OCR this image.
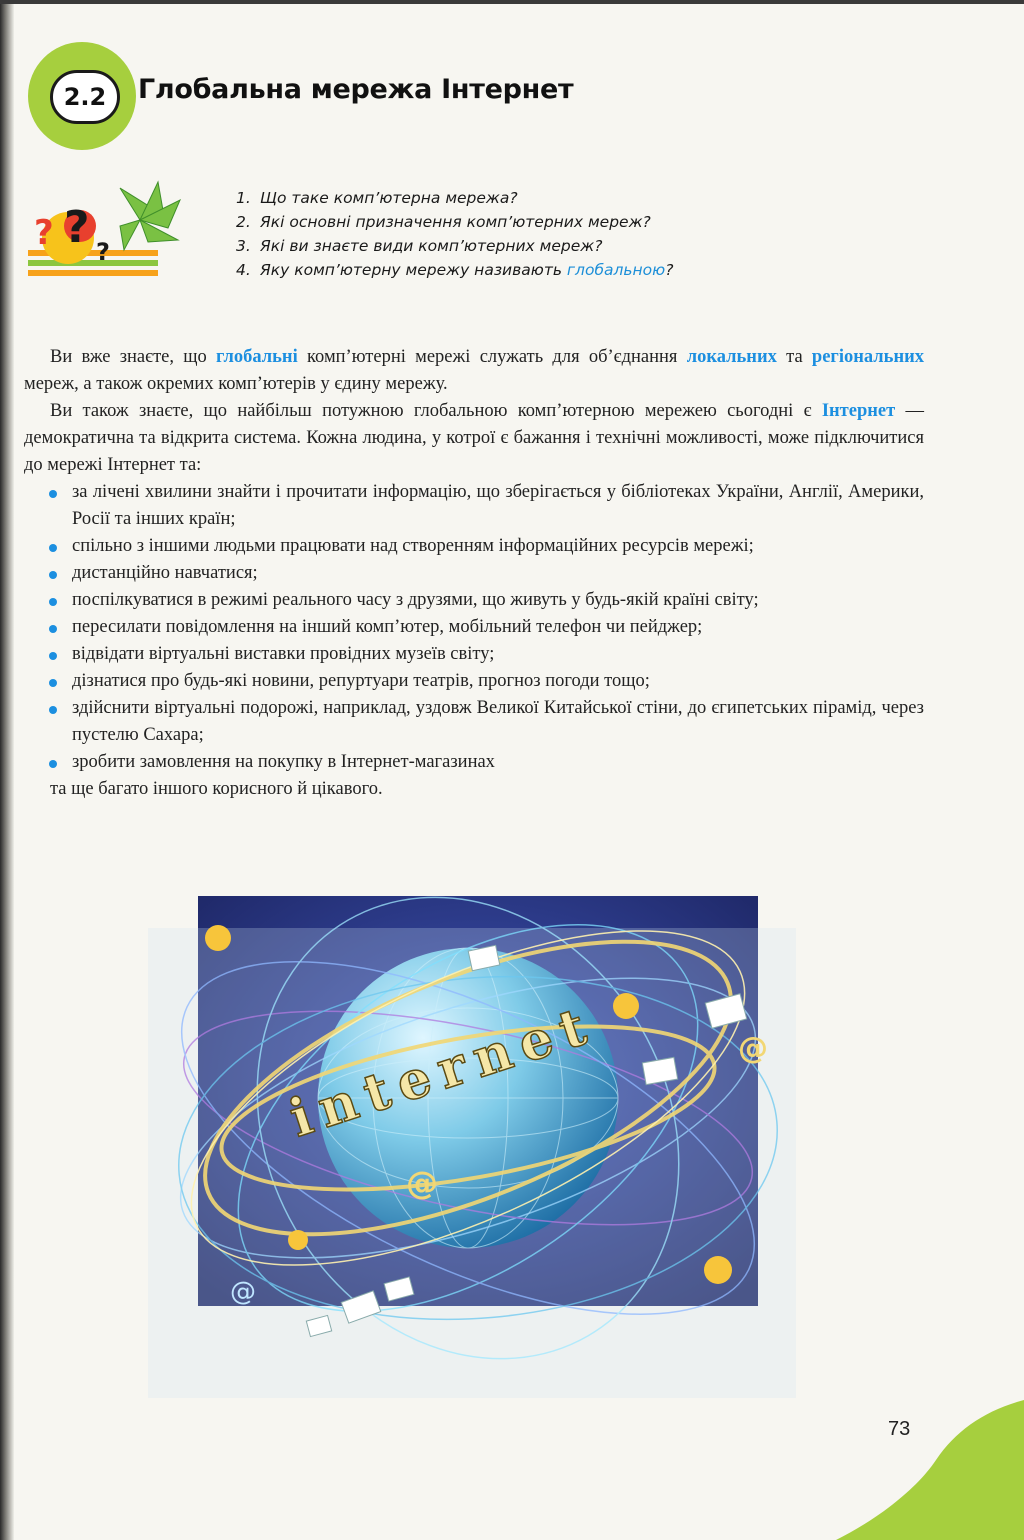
2.2	Глобальна мережа Інтернет
? ? ?
1. Що таке комп’ютерна мережа?
2. Які основні призначення комп’ютерних мереж?
3. Які ви знаєте види комп’ютерних мереж?
4. Яку комп’ютерну мережу називають глобальною?

Ви вже знаєте, що глобальні комп’ютерні мережі служать для об’єднання локальних та регіональних мереж, а також окремих комп’ютерів у єдину мережу.

Ви також знаєте, що найбільш потужною глобальною комп’ютерною мережею сьогодні є Інтернет — демократична та відкрита система. Кожна людина, у котрої є бажання і технічні можливості, може підключитися до мережі Інтернет та:

за лічені хвилини знайти і прочитати інформацію, що зберігається у бібліотеках України, Англії, Америки, Росії та інших країн;
спільно з іншими людьми працювати над створенням інформаційних ресурсів мережі;
дистанційно навчатися;
поспілкуватися в режимі реального часу з друзями, що живуть у будь-якій країні світу;
пересилати повідомлення на інший комп’ютер, мобільний телефон чи пейджер;
відвідати віртуальні виставки провідних музеїв світу;
дізнатися про будь-які новини, репуртуари театрів, прогноз погоди тощо;
здійснити віртуальні подорожі, наприклад, уздовж Великої Китайської стіни, до єгипетських пірамід, через пустелю Сахара;
зробити замовлення на покупку в Інтернет-магазинах

та ще багато іншого корисного й цікавого.

internet	@
@
@
73
